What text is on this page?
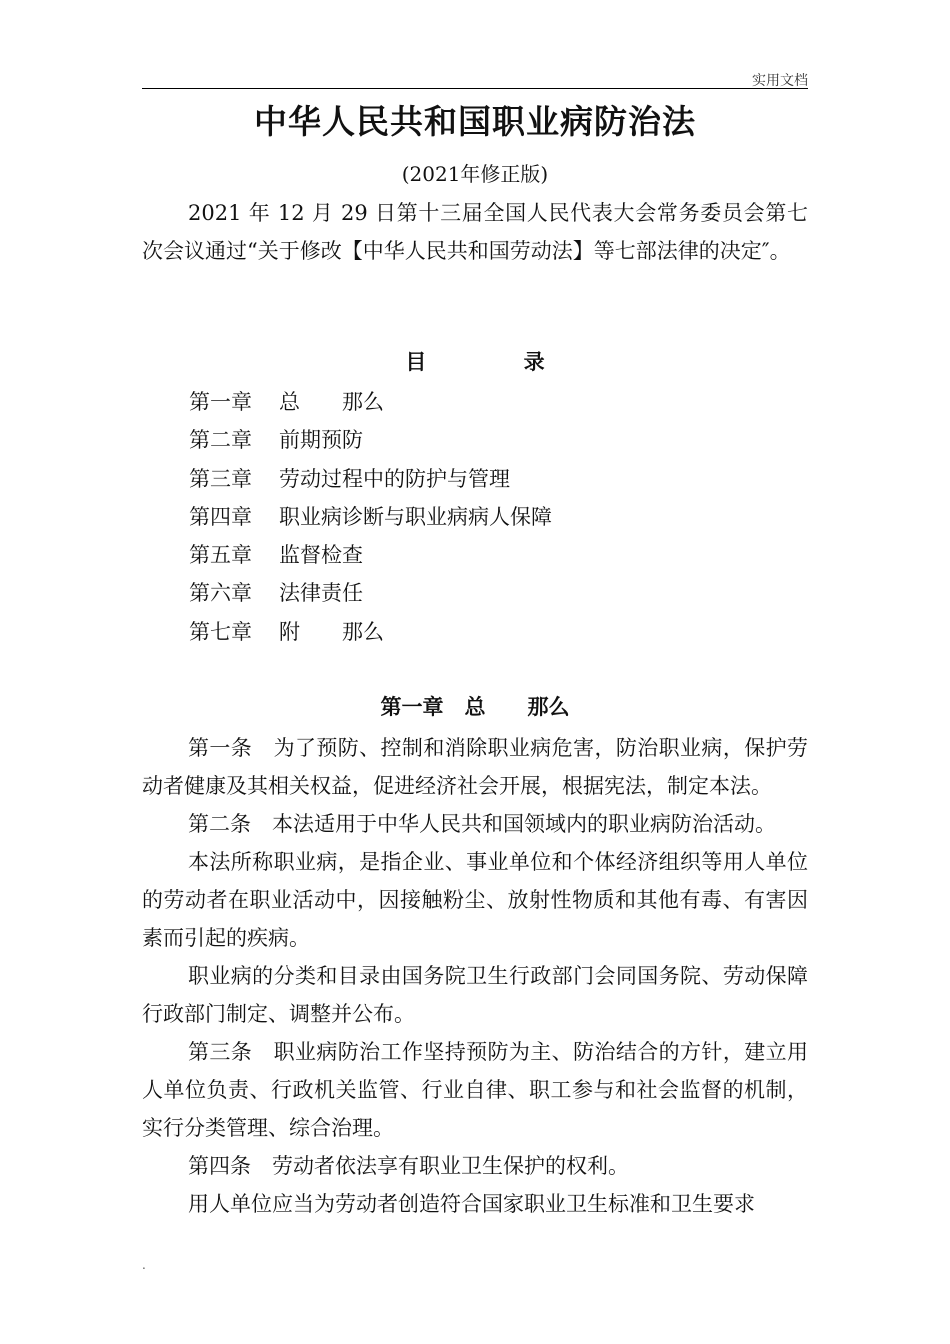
实用文档
中华人民共和国职业病防治法
(2021年修正版)
2021 年 12 月 29 日第十三届全国人民代表大会常务委员会第七次会议通过“关于修改【中华人民共和国劳动法】等七部法律的决定″。
目 录
第一章 总　　那么
第二章 前期预防
第三章 劳动过程中的防护与管理
第四章 职业病诊断与职业病病人保障
第五章 监督检查
第六章 法律责任
第七章 附　　那么
第一章　总　　那么

第一条　为了预防、控制和消除职业病危害，防治职业病，保护劳动者健康及其相关权益，促进经济社会开展，根据宪法，制定本法。

第二条　本法适用于中华人民共和国领域内的职业病防治活动。

本法所称职业病，是指企业、事业单位和个体经济组织等用人单位的劳动者在职业活动中，因接触粉尘、放射性物质和其他有毒、有害因素而引起的疾病。

职业病的分类和目录由国务院卫生行政部门会同国务院、劳动保障行政部门制定、调整并公布。

第三条　职业病防治工作坚持预防为主、防治结合的方针，建立用人单位负责、行政机关监管、行业自律、职工参与和社会监督的机制，实行分类管理、综合治理。

第四条　劳动者依法享有职业卫生保护的权利。

用人单位应当为劳动者创造符合国家职业卫生标准和卫生要求

.
